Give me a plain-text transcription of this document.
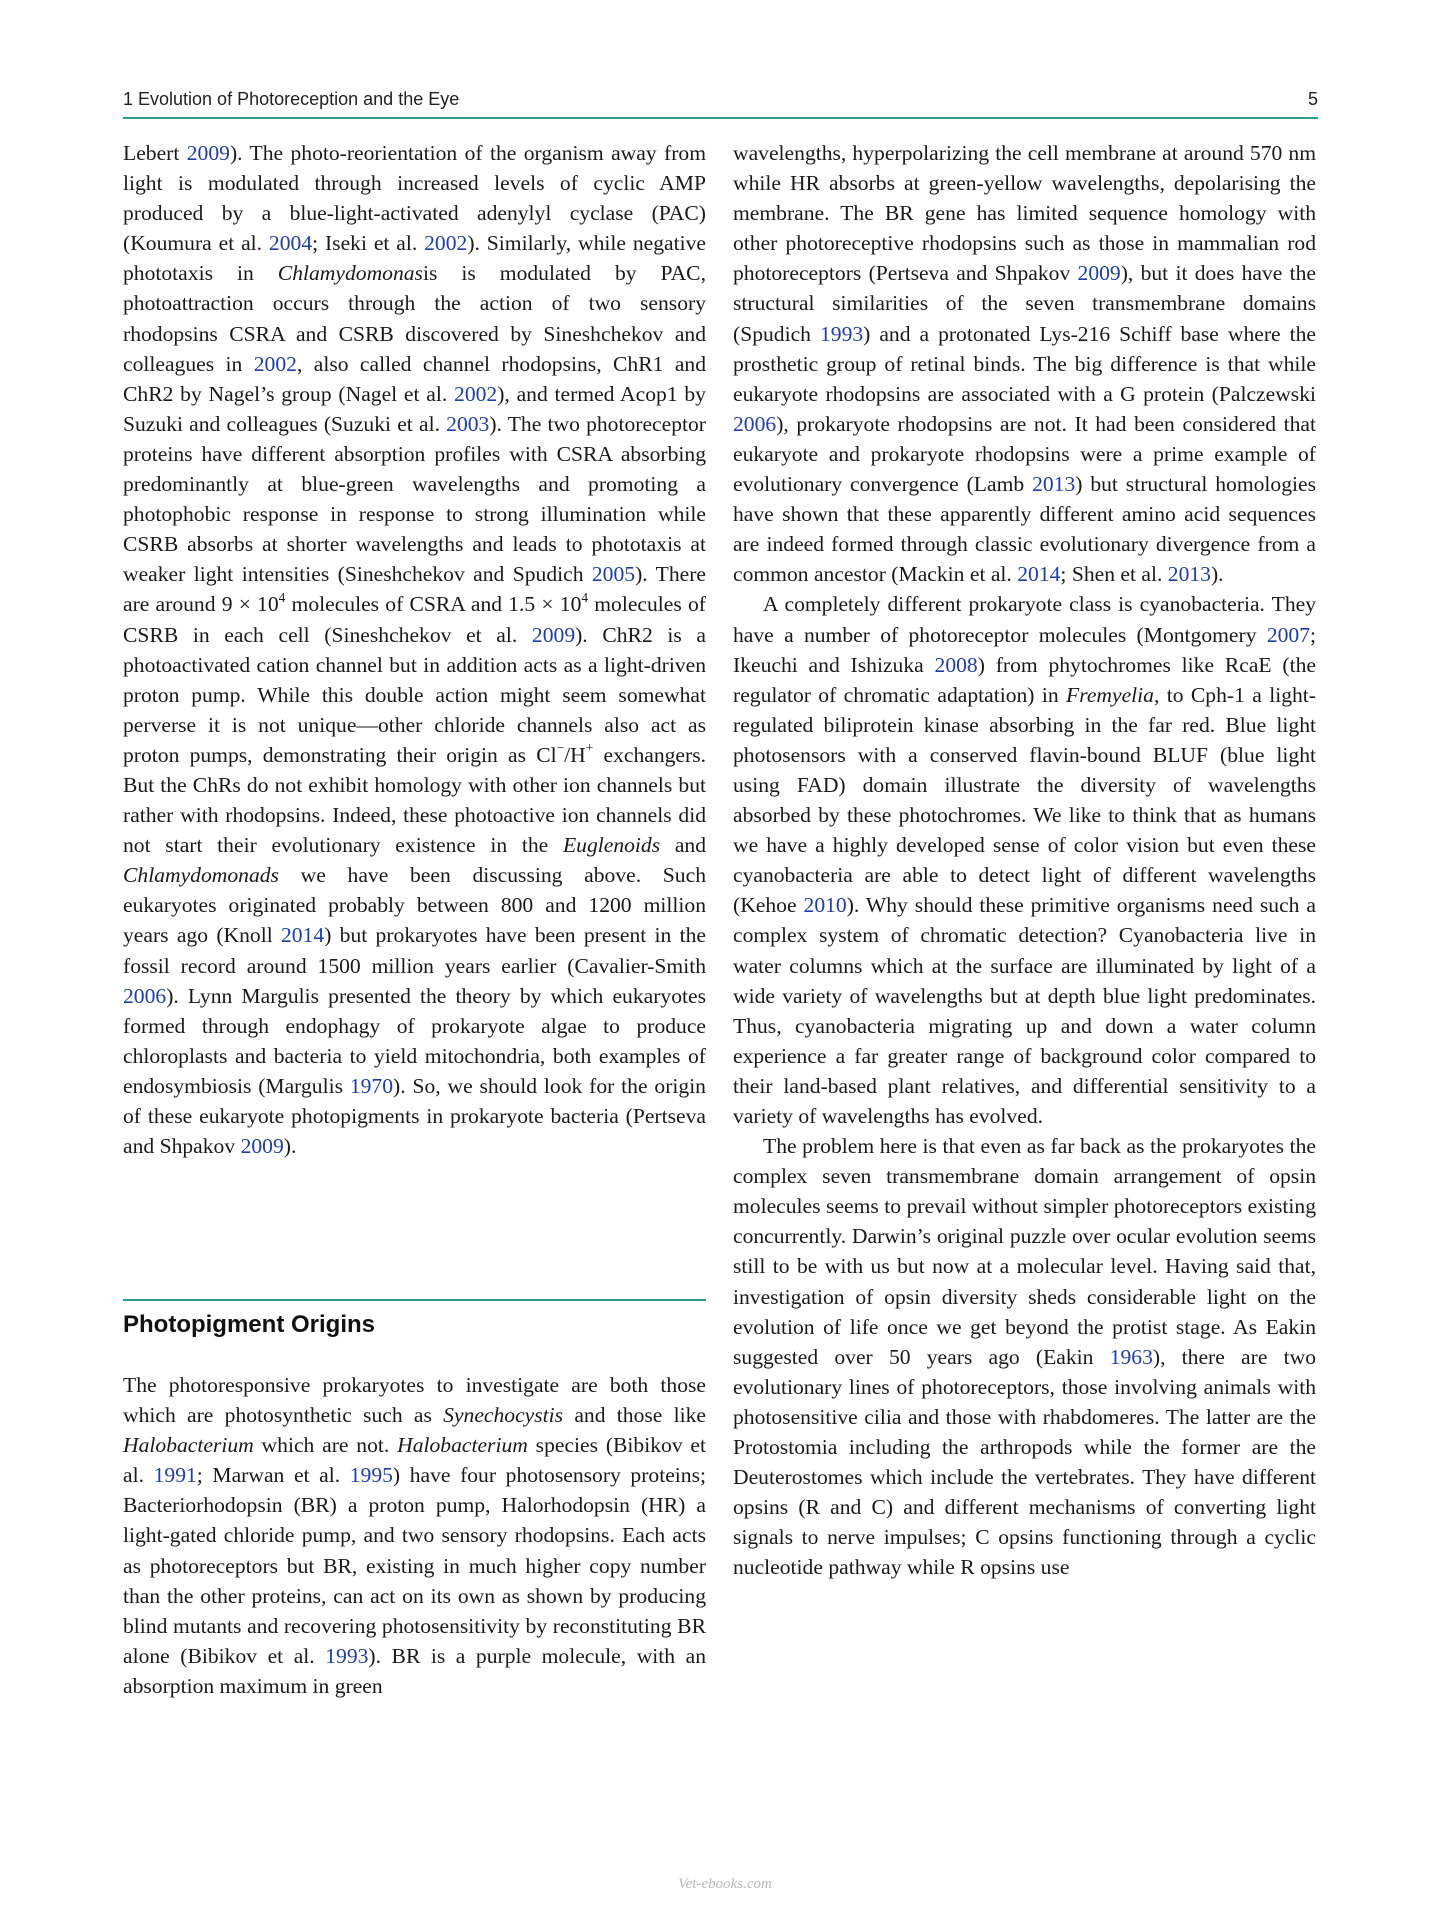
1 Evolution of Photoreception and the Eye	5

Lebert 2009). The photo-reorientation of the organism away from light is modulated through increased levels of cyclic AMP produced by a blue-light-activated adenylyl cyclase (PAC) (Koumura et al. 2004; Iseki et al. 2002). Similarly, while negative phototaxis in Chlamydomonasis is modulated by PAC, photoattraction occurs through the action of two sensory rhodopsins CSRA and CSRB discovered by Sineshchekov and colleagues in 2002, also called channel rhodopsins, ChR1 and ChR2 by Nagel’s group (Nagel et al. 2002), and termed Acop1 by Suzuki and colleagues (Suzuki et al. 2003). The two photoreceptor proteins have different absorption profiles with CSRA absorbing predominantly at blue-green wavelengths and promoting a photophobic response in response to strong illumination while CSRB absorbs at shorter wavelengths and leads to phototaxis at weaker light intensities (Sineshchekov and Spudich 2005). There are around $9 \times 10^4$ molecules of CSRA and $1.5 \times 10^4$ molecules of CSRB in each cell (Sineshchekov et al. 2009). ChR2 is a photoactivated cation channel but in addition acts as a light-driven proton pump. While this double action might seem somewhat perverse it is not unique—other chloride channels also act as proton pumps, demonstrating their origin as Cl−/H+ exchangers. But the ChRs do not exhibit homology with other ion channels but rather with rhodopsins. Indeed, these photoactive ion channels did not start their evolutionary existence in the Euglenoids and Chlamydomonads we have been discussing above. Such eukaryotes originated probably between 800 and 1200 million years ago (Knoll 2014) but prokaryotes have been present in the fossil record around 1500 million years earlier (Cavalier-Smith 2006). Lynn Margulis presented the theory by which eukaryotes formed through endophagy of prokaryote algae to produce chloroplasts and bacteria to yield mitochondria, both examples of endosymbiosis (Margulis 1970). So, we should look for the origin of these eukaryote photopigments in prokaryote bacteria (Pertseva and Shpakov 2009).

Photopigment Origins

The photoresponsive prokaryotes to investigate are both those which are photosynthetic such as Synechocystis and those like Halobacterium which are not. Halobacterium species (Bibikov et al. 1991; Marwan et al. 1995) have four photosensory proteins; Bacteriorhodopsin (BR) a proton pump, Halorhodopsin (HR) a light-gated chloride pump, and two sensory rhodopsins. Each acts as photoreceptors but BR, existing in much higher copy number than the other proteins, can act on its own as shown by producing blind mutants and recovering photosensitivity by reconstituting BR alone (Bibikov et al. 1993). BR is a purple molecule, with an absorption maximum in green

wavelengths, hyperpolarizing the cell membrane at around 570 nm while HR absorbs at green-yellow wavelengths, depolarising the membrane. The BR gene has limited sequence homology with other photoreceptive rhodopsins such as those in mammalian rod photoreceptors (Pertseva and Shpakov 2009), but it does have the structural similarities of the seven transmembrane domains (Spudich 1993) and a protonated Lys-216 Schiff base where the prosthetic group of retinal binds. The big difference is that while eukaryote rhodopsins are associated with a G protein (Palczewski 2006), prokaryote rhodopsins are not. It had been considered that eukaryote and prokaryote rhodopsins were a prime example of evolutionary convergence (Lamb 2013) but structural homologies have shown that these apparently different amino acid sequences are indeed formed through classic evolutionary divergence from a common ancestor (Mackin et al. 2014; Shen et al. 2013).

A completely different prokaryote class is cyanobacteria. They have a number of photoreceptor molecules (Montgomery 2007; Ikeuchi and Ishizuka 2008) from phytochromes like RcaE (the regulator of chromatic adaptation) in Fremyelia, to Cph-1 a light-regulated biliprotein kinase absorbing in the far red. Blue light photosensors with a conserved flavin-bound BLUF (blue light using FAD) domain illustrate the diversity of wavelengths absorbed by these photochromes. We like to think that as humans we have a highly developed sense of color vision but even these cyanobacteria are able to detect light of different wavelengths (Kehoe 2010). Why should these primitive organisms need such a complex system of chromatic detection? Cyanobacteria live in water columns which at the surface are illuminated by light of a wide variety of wavelengths but at depth blue light predominates. Thus, cyanobacteria migrating up and down a water column experience a far greater range of background color compared to their land-based plant relatives, and differential sensitivity to a variety of wavelengths has evolved.

The problem here is that even as far back as the prokaryotes the complex seven transmembrane domain arrangement of opsin molecules seems to prevail without simpler photoreceptors existing concurrently. Darwin’s original puzzle over ocular evolution seems still to be with us but now at a molecular level. Having said that, investigation of opsin diversity sheds considerable light on the evolution of life once we get beyond the protist stage. As Eakin suggested over 50 years ago (Eakin 1963), there are two evolutionary lines of photoreceptors, those involving animals with photosensitive cilia and those with rhabdomeres. The latter are the Protostomia including the arthropods while the former are the Deuterostomes which include the vertebrates. They have different opsins (R and C) and different mechanisms of converting light signals to nerve impulses; C opsins functioning through a cyclic nucleotide pathway while R opsins use

Vet-ebooks.com
